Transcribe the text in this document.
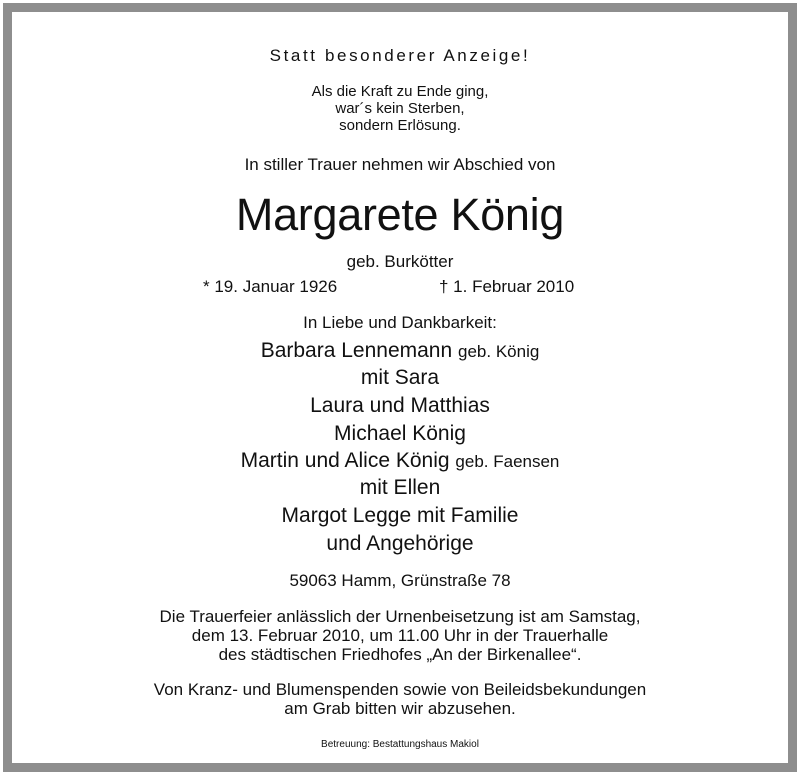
Statt besonderer Anzeige!
Als die Kraft zu Ende ging,
war´s kein Sterben,
sondern Erlösung.
In stiller Trauer nehmen wir Abschied von
Margarete König
geb. Burkötter
* 19. Januar 1926	† 1. Februar 2010
In Liebe und Dankbarkeit:
Barbara Lennemann geb. König
mit Sara
Laura und Matthias
Michael König
Martin und Alice König geb. Faensen
mit Ellen
Margot Legge mit Familie
und Angehörige
59063 Hamm, Grünstraße 78
Die Trauerfeier anlässlich der Urnenbeisetzung ist am Samstag,
dem 13. Februar 2010, um 11.00 Uhr in der Trauerhalle
des städtischen Friedhofes „An der Birkenallee“.
Von Kranz- und Blumenspenden sowie von Beileidsbekundungen
am Grab bitten wir abzusehen.
Betreuung: Bestattungshaus Makiol
